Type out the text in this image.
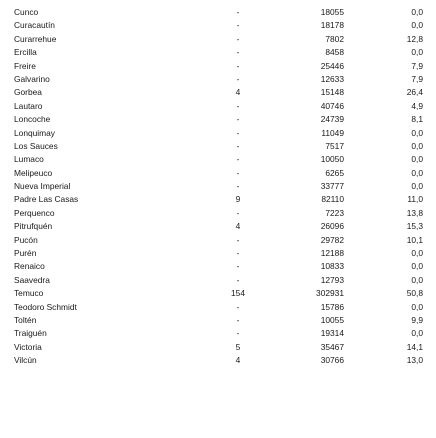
Cunco	-	18055	0,0
Curacautín	-	18178	0,0
Curarrehue	-	7802	12,8
Ercilla	-	8458	0,0
Freire	-	25446	7,9
Galvarino	-	12633	7,9
Gorbea	4	15148	26,4
Lautaro	-	40746	4,9
Loncoche	-	24739	8,1
Lonquimay	-	11049	0,0
Los Sauces	-	7517	0,0
Lumaco	-	10050	0,0
Melipeuco	-	6265	0,0
Nueva Imperial	-	33777	0,0
Padre Las Casas	9	82110	11,0
Perquenco	-	7223	13,8
Pitrufquén	4	26096	15,3
Pucón	-	29782	10,1
Purén	-	12188	0,0
Renaico	-	10833	0,0
Saavedra	-	12793	0,0
Temuco	154	302931	50,8
Teodoro Schmidt	-	15786	0,0
Toltén	-	10055	9,9
Traiguén	-	19314	0,0
Victoria	5	35467	14,1
Vilcún	4	30766	13,0
